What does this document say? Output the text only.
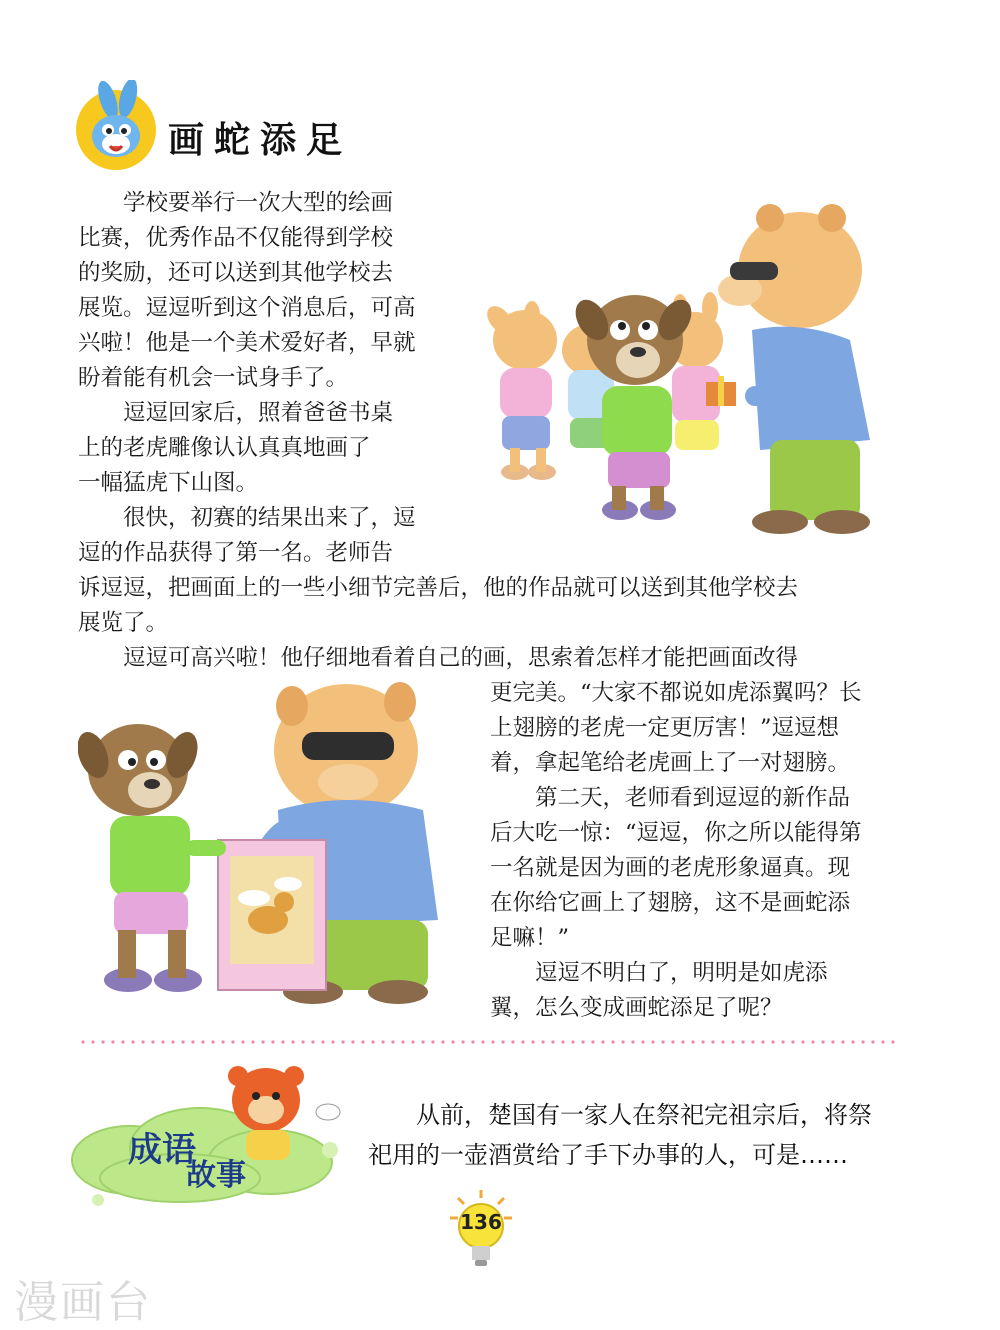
画蛇添足
学校要举行一次大型的绘画
比赛，优秀作品不仅能得到学校
的奖励，还可以送到其他学校去
展览。逗逗听到这个消息后，可高
兴啦！他是一个美术爱好者，早就
盼着能有机会一试身手了。
逗逗回家后，照着爸爸书桌
上的老虎雕像认认真真地画了
一幅猛虎下山图。
很快，初赛的结果出来了，逗
逗的作品获得了第一名。老师告
诉逗逗，把画面上的一些小细节完善后，他的作品就可以送到其他学校去
展览了。
逗逗可高兴啦！他仔细地看着自己的画，思索着怎样才能把画面改得
更完美。“大家不都说如虎添翼吗？长
上翅膀的老虎一定更厉害！”逗逗想
着，拿起笔给老虎画上了一对翅膀。
第二天，老师看到逗逗的新作品
后大吃一惊：“逗逗，你之所以能得第
一名就是因为画的老虎形象逼真。现
在你给它画上了翅膀，这不是画蛇添
足嘛！”
逗逗不明白了，明明是如虎添
翼，怎么变成画蛇添足了呢？
成语
故事
从前，楚国有一家人在祭祀完祖宗后，将祭
祀用的一壶酒赏给了手下办事的人，可是……
136
漫画台
